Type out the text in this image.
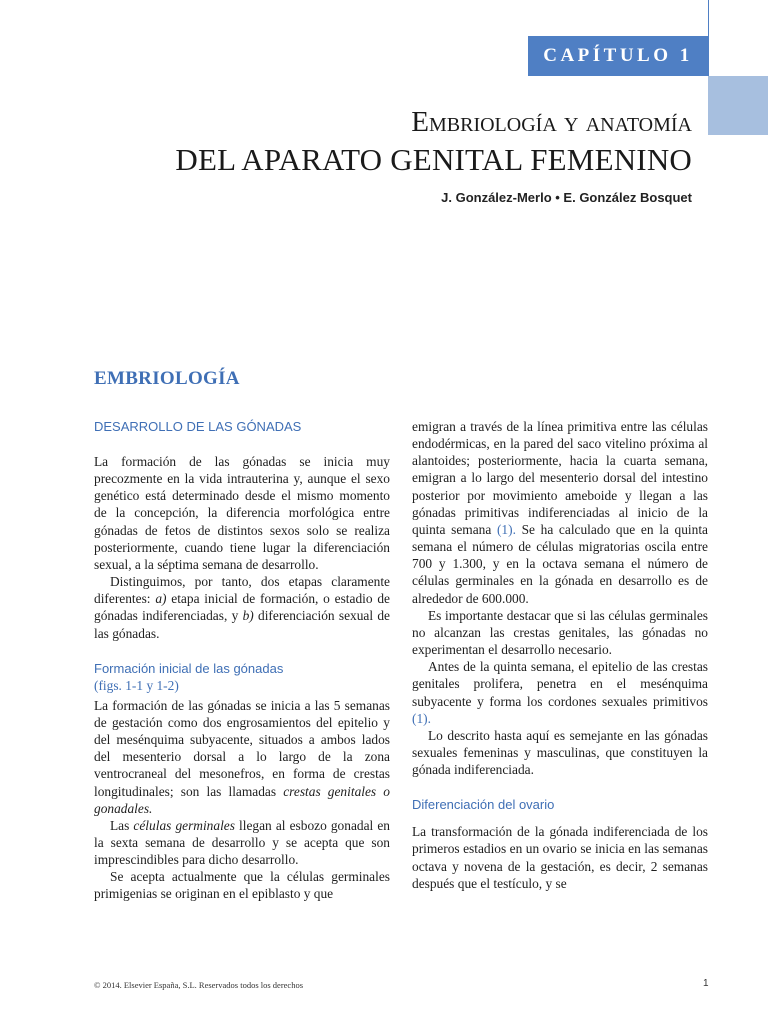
CAPÍTULO 1
Embriología y anatomía
DEL APARATO GENITAL FEMENINO
J. González-Merlo • E. González Bosquet
EMBRIOLOGÍA
DESARROLLO DE LAS GÓNADAS

La formación de las gónadas se inicia muy precozmente en la vida intrauterina y, aunque el sexo genético está determinado desde el mismo momento de la concepción, la diferencia morfológica entre gónadas de fetos de distintos sexos solo se realiza posteriormente, cuando tiene lugar la diferenciación sexual, a la séptima semana de desarrollo.

Distinguimos, por tanto, dos etapas claramente diferentes: a) etapa inicial de formación, o estadio de gónadas indiferenciadas, y b) diferenciación sexual de las gónadas.

Formación inicial de las gónadas
(figs. 1-1 y 1-2)

La formación de las gónadas se inicia a las 5 semanas de gestación como dos engrosamientos del epitelio y del mesénquima subyacente, situados a ambos lados del mesenterio dorsal a lo largo de la zona ventrocraneal del mesonefros, en forma de crestas longitudinales; son las llamadas crestas genitales o gonadales.

Las células germinales llegan al esbozo gonadal en la sexta semana de desarrollo y se acepta que son imprescindibles para dicho desarrollo.

Se acepta actualmente que la células germinales primigenias se originan en el epiblasto y que

emigran a través de la línea primitiva entre las células endodérmicas, en la pared del saco vitelino próxima al alantoides; posteriormente, hacia la cuarta semana, emigran a lo largo del mesenterio dorsal del intestino posterior por movimiento ameboide y llegan a las gónadas primitivas indiferenciadas al inicio de la quinta semana (1). Se ha calculado que en la quinta semana el número de células migratorias oscila entre 700 y 1.300, y en la octava semana el número de células germinales en la gónada en desarrollo es de alrededor de 600.000.

Es importante destacar que si las células germinales no alcanzan las crestas genitales, las gónadas no experimentan el desarrollo necesario.

Antes de la quinta semana, el epitelio de las crestas genitales prolifera, penetra en el mesénquima subyacente y forma los cordones sexuales primitivos (1).

Lo descrito hasta aquí es semejante en las gónadas sexuales femeninas y masculinas, que constituyen la gónada indiferenciada.

Diferenciación del ovario

La transformación de la gónada indiferenciada de los primeros estadios en un ovario se inicia en las semanas octava y novena de la gestación, es decir, 2 semanas después que el testículo, y se

© 2014. Elsevier España, S.L. Reservados todos los derechos	1
